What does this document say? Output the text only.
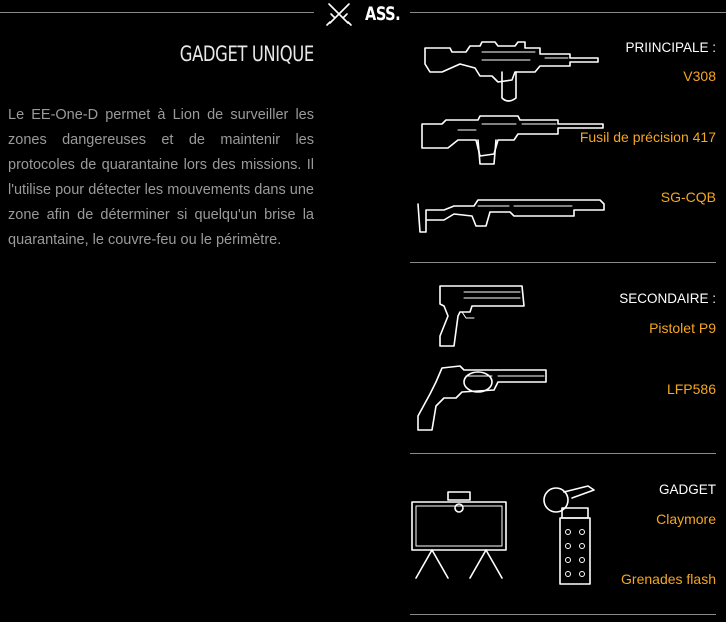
ASS.
GADGET UNIQUE
Le EE-One-D permet à Lion de surveiller les zones dangereuses et de maintenir les protocoles de quarantaine lors des missions. Il l'utilise pour détecter les mouvements dans une zone afin de déterminer si quelqu'un brise la quarantaine, le couvre-feu ou le périmètre.
PRIINCIPALE :
V308
Fusil de précision 417
SG-CQB
SECONDAIRE :
Pistolet P9
LFP586
GADGET
Claymore
Grenades flash
